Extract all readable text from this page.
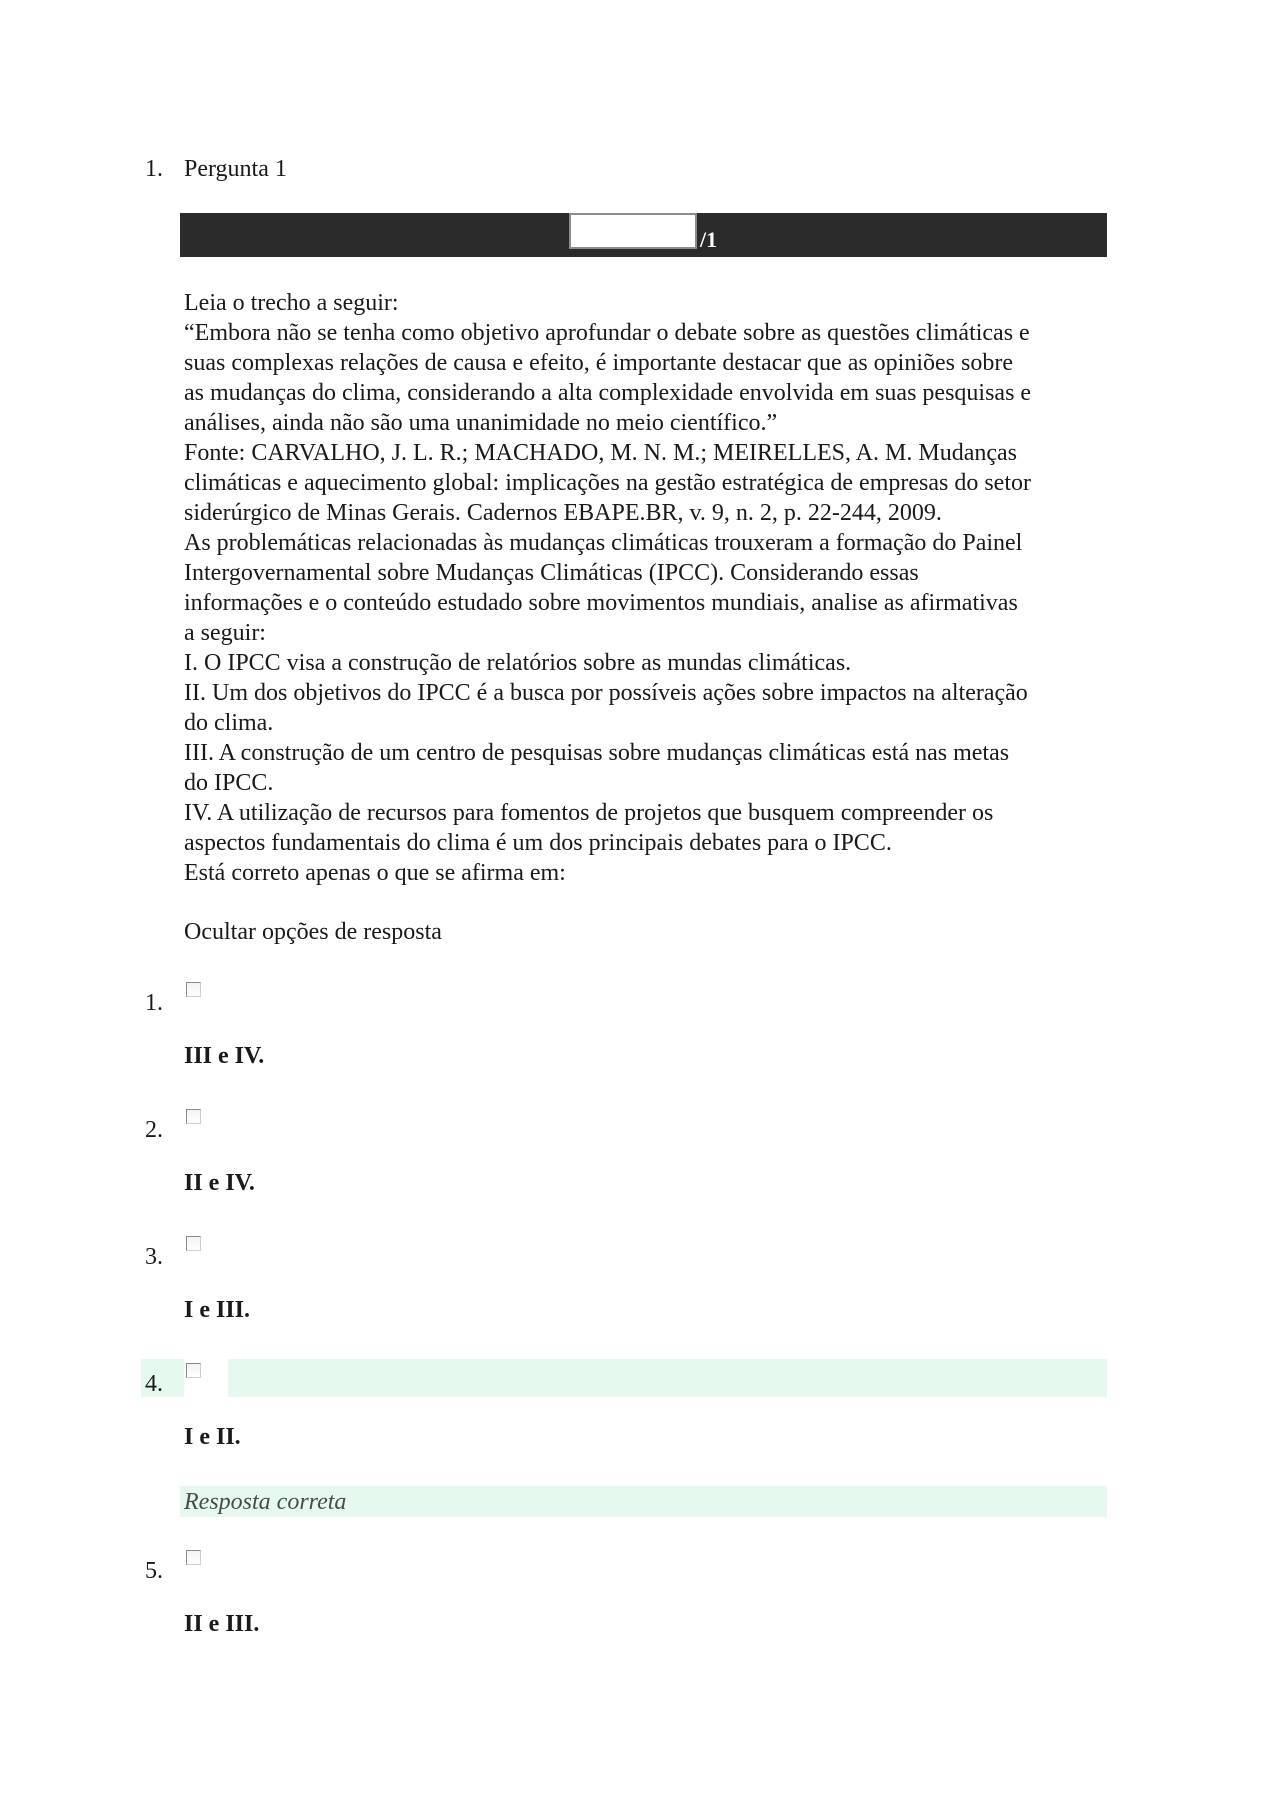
1. Pergunta 1
/1

Leia o trecho a seguir:

“Embora não se tenha como objetivo aprofundar o debate sobre as questões climáticas e

suas complexas relações de causa e efeito, é importante destacar que as opiniões sobre

as mudanças do clima, considerando a alta complexidade envolvida em suas pesquisas e

análises, ainda não são uma unanimidade no meio científico.”

Fonte: CARVALHO, J. L. R.; MACHADO, M. N. M.; MEIRELLES, A. M. Mudanças

climáticas e aquecimento global: implicações na gestão estratégica de empresas do setor

siderúrgico de Minas Gerais. Cadernos EBAPE.BR, v. 9, n. 2, p. 22-244, 2009.

As problemáticas relacionadas às mudanças climáticas trouxeram a formação do Painel

Intergovernamental sobre Mudanças Climáticas (IPCC). Considerando essas

informações e o conteúdo estudado sobre movimentos mundiais, analise as afirmativas

a seguir:

I. O IPCC visa a construção de relatórios sobre as mundas climáticas.

II. Um dos objetivos do IPCC é a busca por possíveis ações sobre impactos na alteração

do clima.

III. A construção de um centro de pesquisas sobre mudanças climáticas está nas metas

do IPCC.

IV. A utilização de recursos para fomentos de projetos que busquem compreender os

aspectos fundamentais do clima é um dos principais debates para o IPCC.

Está correto apenas o que se afirma em:

Ocultar opções de resposta
1.
III e IV.
2.
II e IV.
3.
I e III.
4.
I e II.
Resposta correta
5.
II e III.
